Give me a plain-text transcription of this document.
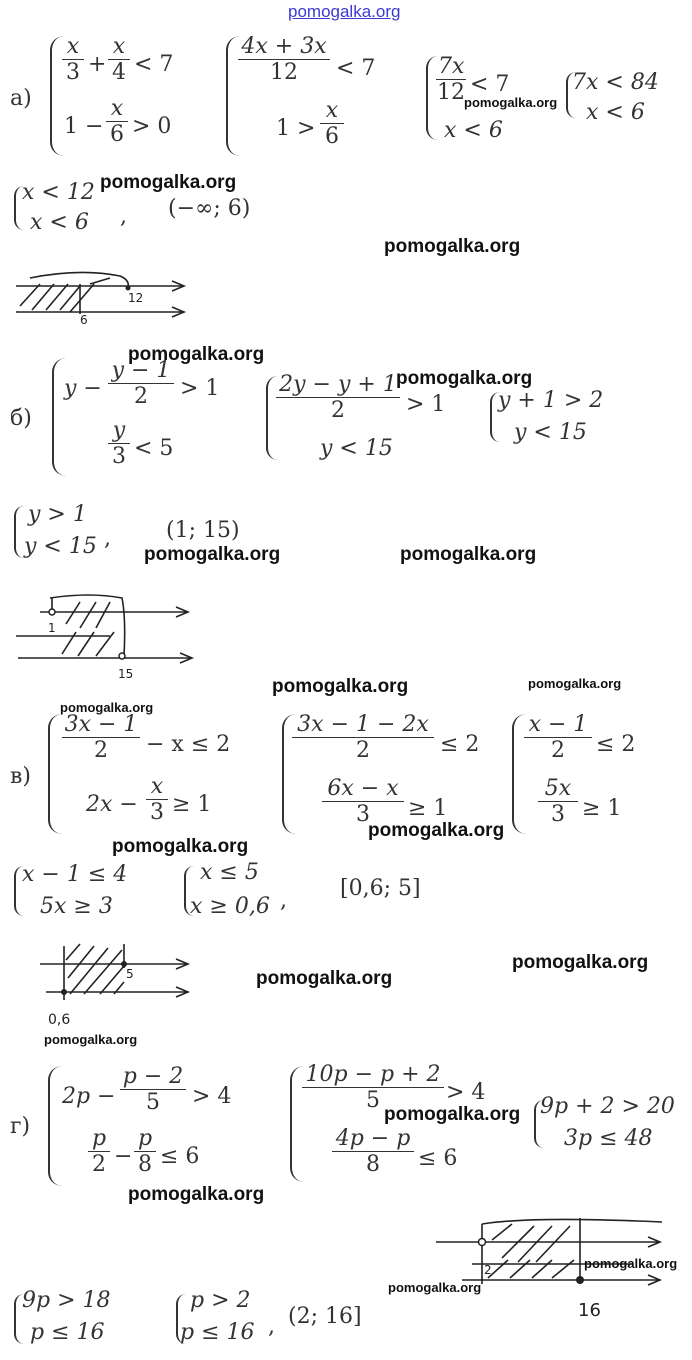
pomogalka.org
а)
$\frac{x}{3} + \frac{x}{4} < 7$
$1 - \frac{x}{6} > 0$
$\frac{4x + 3x}{12} < 7$
$1 > \frac{x}{6}$
$\frac{7x}{12} < 7$
x < 6
7x < 84
x < 6
x < 12
x < 6 , (−∞; 6)
12
6
б)
$y - \frac{y - 1}{2} > 1$
$\frac{y}{3} < 5$
$\frac{2y - y + 1}{2} > 1$
y < 15
y + 1 > 2
y < 15
y > 1
y < 15 ,	(1; 15)
1
15
в)
$\frac{3x - 1}{2} - x \le 2$
$2x - \frac{x}{3} \ge 1$
$\frac{3x - 1 - 2x}{2} \le 2$
$\frac{6x - x}{3} \ge 1$
$\frac{x - 1}{2} \le 2$
$\frac{5x}{3} \ge 1$
x − 1 ≤ 4
5x ≥ 3
x ≤ 5
x ≥ 0,6 , [0,6; 5]
5
0,6
г)
$2p - \frac{p - 2}{5} > 4$
$\frac{p}{2} - \frac{p}{8} \le 6$
$\frac{10p - p + 2}{5} > 4$
$\frac{4p - p}{8} \le 6$
9p + 2 > 20
3p ≤ 48
2
16
9p > 18
p ≤ 16
p > 2
p ≤ 16 , (2; 16]
pomogalka.org
pomogalka.org
pomogalka.org
pomogalka.org
pomogalka.org
pomogalka.org	pomogalka.org
pomogalka.org	pomogalka.org
pomogalka.org
pomogalka.org
pomogalka.org
pomogalka.org
pomogalka.org
pomogalka.org
pomogalka.org
pomogalka.org
pomogalka.org
pomogalka.org
